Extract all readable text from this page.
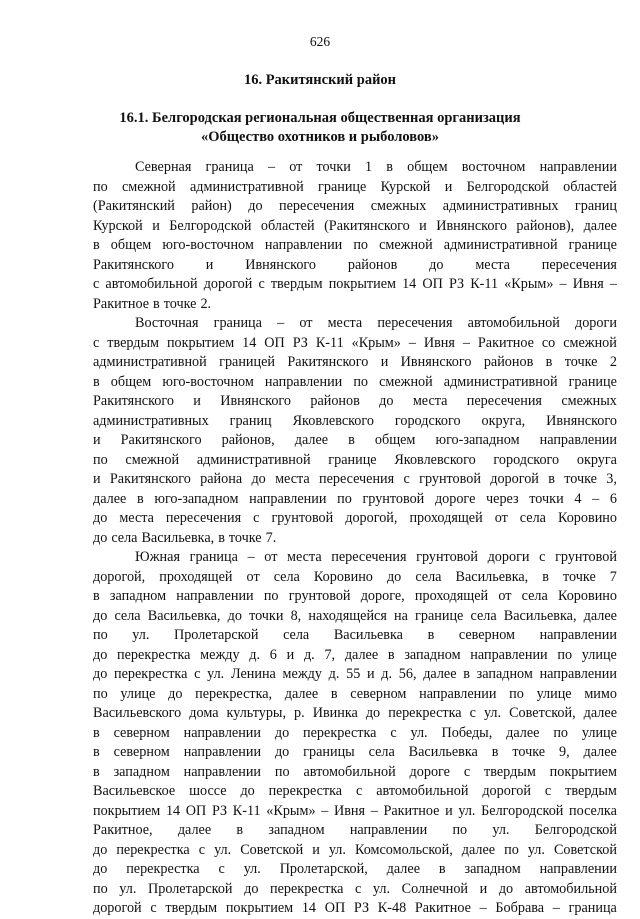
626
16. Ракитянский район
16.1. Белгородская региональная общественная организация
«Общество охотников и рыболовов»
Северная граница – от точки 1 в общем восточном направлении
по смежной административной границе Курской и Белгородской областей
(Ракитянский район) до пересечения смежных административных границ
Курской и Белгородской областей (Ракитянского и Ивнянского районов), далее
в общем юго-восточном направлении по смежной административной границе
Ракитянского и Ивнянского районов до места пересечения
с автомобильной дорогой с твердым покрытием 14 ОП РЗ К-11 «Крым» – Ивня –
Ракитное в точке 2.
Восточная граница – от места пересечения автомобильной дороги
с твердым покрытием 14 ОП РЗ К-11 «Крым» – Ивня – Ракитное со смежной
административной границей Ракитянского и Ивнянского районов в точке 2
в общем юго-восточном направлении по смежной административной границе
Ракитянского и Ивнянского районов до места пересечения смежных
административных границ Яковлевского городского округа, Ивнянского
и Ракитянского районов, далее в общем юго-западном направлении
по смежной административной границе Яковлевского городского округа
и Ракитянского района до места пересечения с грунтовой дорогой в точке 3,
далее в юго-западном направлении по грунтовой дороге через точки 4 – 6
до места пересечения с грунтовой дорогой, проходящей от села Коровино
до села Васильевка, в точке 7.
Южная граница – от места пересечения грунтовой дороги с грунтовой
дорогой, проходящей от села Коровино до села Васильевка, в точке 7
в западном направлении по грунтовой дороге, проходящей от села Коровино
до села Васильевка, до точки 8, находящейся на границе села Васильевка, далее
по ул. Пролетарской села Васильевка в северном направлении
до перекрестка между д. 6 и д. 7, далее в западном направлении по улице
до перекрестка с ул. Ленина между д. 55 и д. 56, далее в западном направлении
по улице до перекрестка, далее в северном направлении по улице мимо
Васильевского дома культуры, р. Ивинка до перекрестка с ул. Советской, далее
в северном направлении до перекрестка с ул. Победы, далее по улице
в северном направлении до границы села Васильевка в точке 9, далее
в западном направлении по автомобильной дороге с твердым покрытием
Васильевское шоссе до перекрестка с автомобильной дорогой с твердым
покрытием 14 ОП РЗ К-11 «Крым» – Ивня – Ракитное и ул. Белгородской поселка
Ракитное, далее в западном направлении по ул. Белгородской
до перекрестка с ул. Советской и ул. Комсомольской, далее по ул. Советской
до перекрестка с ул. Пролетарской, далее в западном направлении
по ул. Пролетарской до перекрестка с ул. Солнечной и до автомобильной
дорогой с твердым покрытием 14 ОП РЗ К-48 Ракитное – Бобрава – граница
